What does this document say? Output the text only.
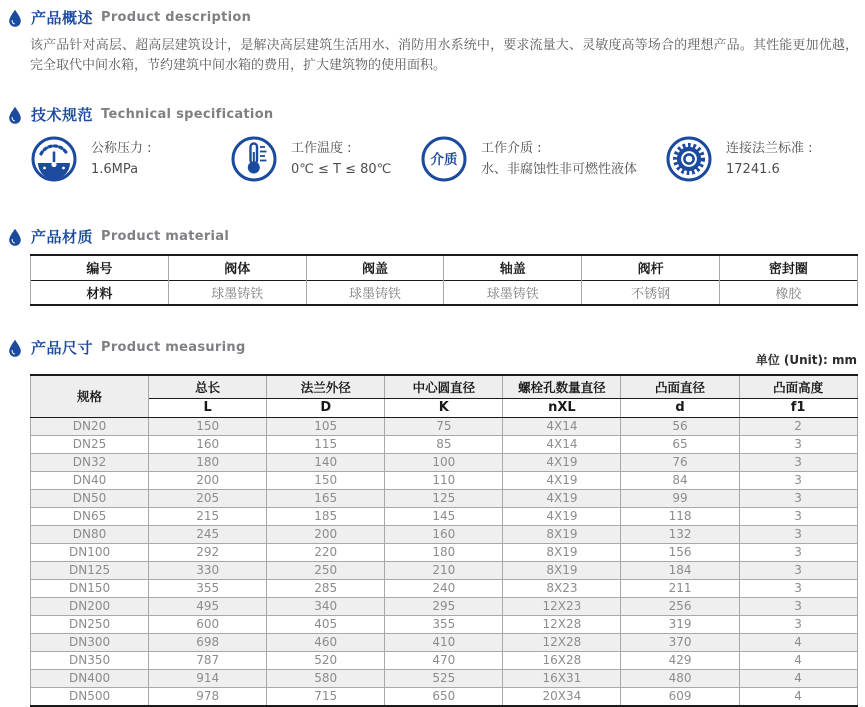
产品概述 Product description
该产品针对高层、超高层建筑设计，是解决高层建筑生活用水、消防用水系统中，要求流量大、灵敏度高等场合的理想产品。其性能更加优越，完全取代中间水箱，节约建筑中间水箱的费用，扩大建筑物的使用面积。
技术规范 Technical specification
公称压力 :
1.6MPa
工作温度 :
0℃ ≤ T ≤ 80℃
介质
工作介质 :
水、非腐蚀性非可燃性液体
连接法兰标准 :
17241.6
产品材质 Product material
编号	阀体	阀盖	轴盖	阀杆	密封圈
材料	球墨铸铁	球墨铸铁	球墨铸铁	不锈钢	橡胶
产品尺寸 Product measuring
单位 (Unit): mm
规格	总长	法兰外径	中心圆直径	螺栓孔数量直径	凸面直径	凸面高度
	L	D	K	nXL	d	f1
DN20	150	105	75	4X14	56	2
DN25	160	115	85	4X14	65	3
DN32	180	140	100	4X19	76	3
DN40	200	150	110	4X19	84	3
DN50	205	165	125	4X19	99	3
DN65	215	185	145	4X19	118	3
DN80	245	200	160	8X19	132	3
DN100	292	220	180	8X19	156	3
DN125	330	250	210	8X19	184	3
DN150	355	285	240	8X23	211	3
DN200	495	340	295	12X23	256	3
DN250	600	405	355	12X28	319	3
DN300	698	460	410	12X28	370	4
DN350	787	520	470	16X28	429	4
DN400	914	580	525	16X31	480	4
DN500	978	715	650	20X34	609	4
